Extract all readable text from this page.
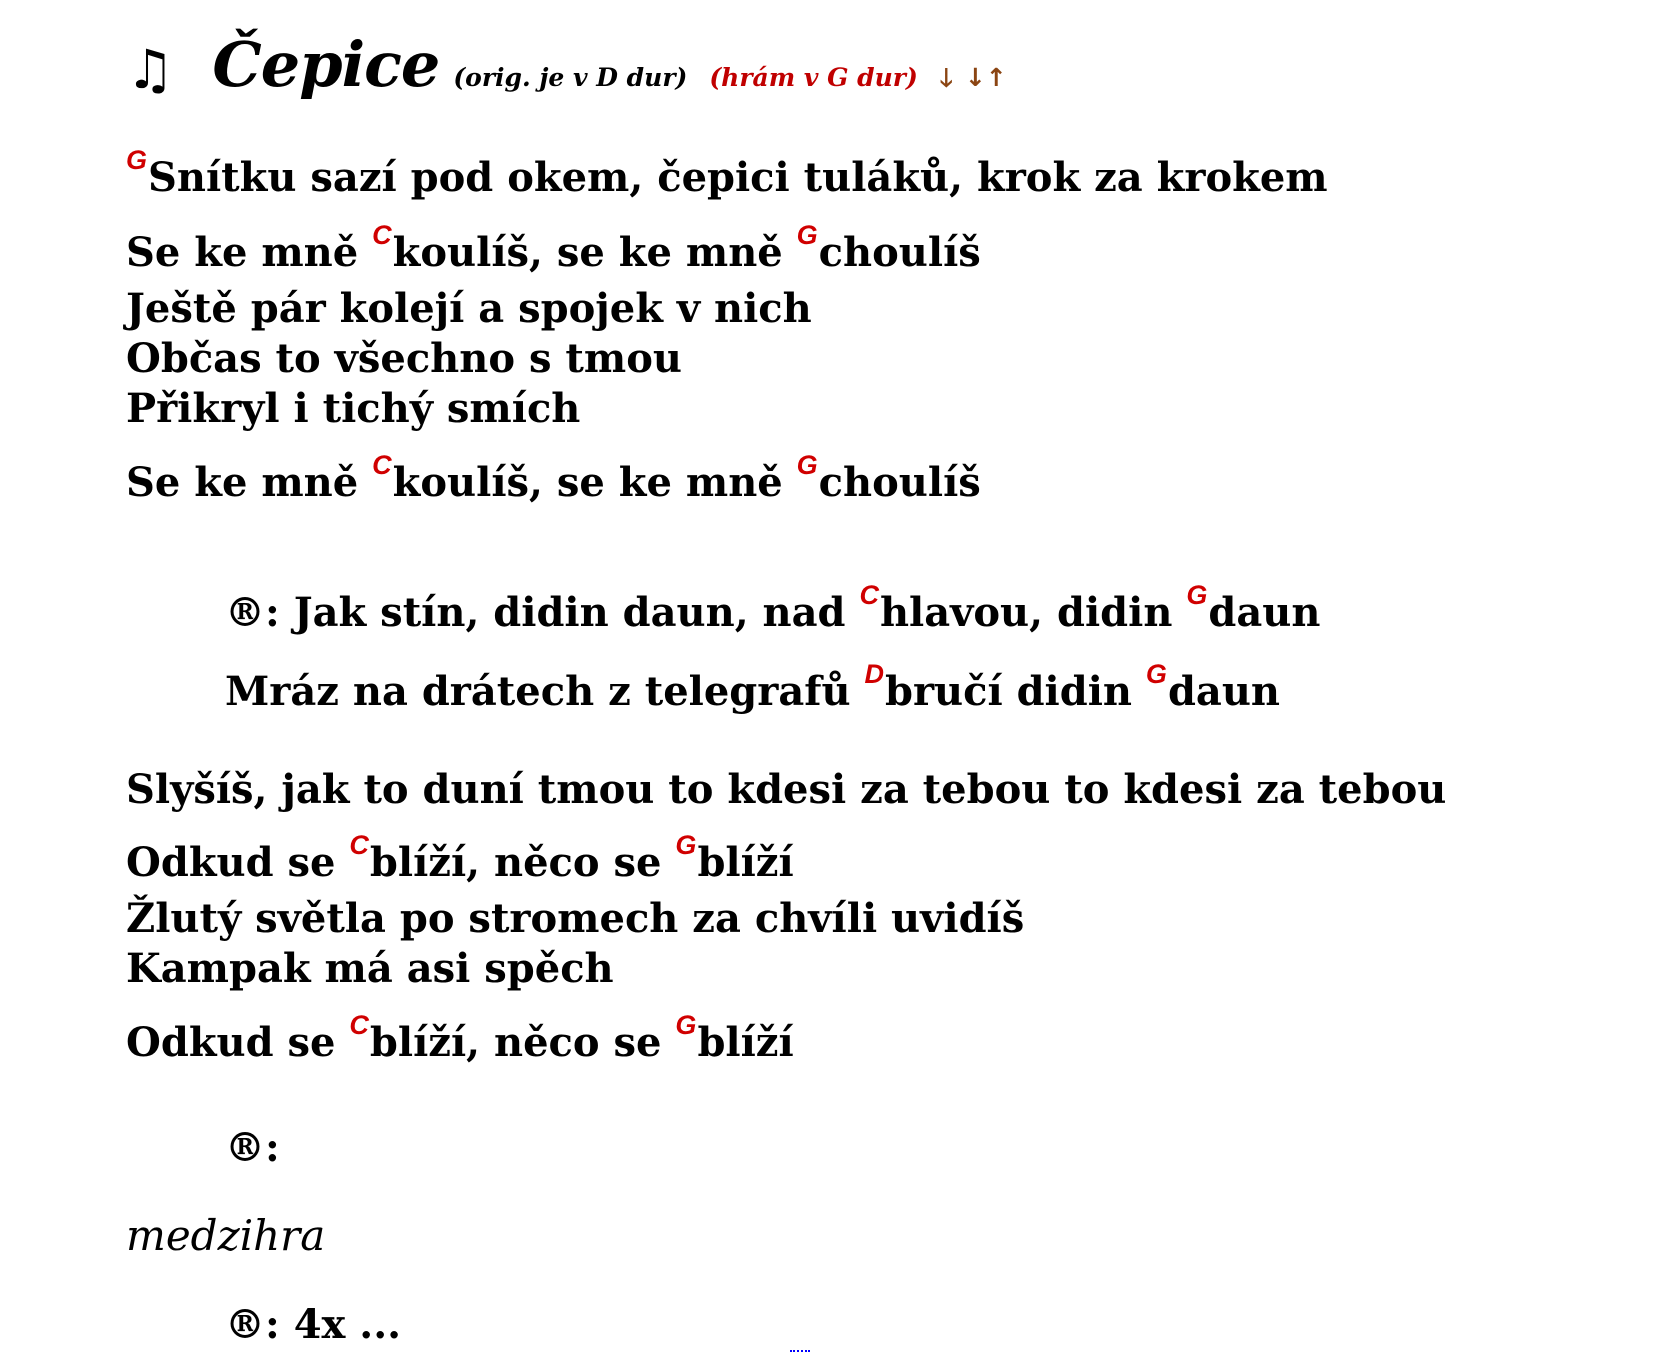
♫ Čepice (orig. je v D dur) (hrám v G dur) 🡓 ↓↑
$^G$Snítku sazí pod okem, čepici tuláků, krok za krokem
Se ke mně $^C$koulíš, se ke mně $^G$choulíš
Ještě pár kolejí a spojek v nich
Občas to všechno s tmou
Přikryl i tichý smích
Se ke mně $^C$koulíš, se ke mně $^G$choulíš
®: Jak stín, didin daun, nad $^C$hlavou, didin $^G$daun
Mráz na drátech z telegrafů $^D$bručí didin $^G$daun
Slyšíš, jak to duní tmou to kdesi za tebou to kdesi za tebou
Odkud se $^C$blíží, něco se $^G$blíží
Žlutý světla po stromech za chvíli uvidíš
Kampak má asi spěch
Odkud se $^C$blíží, něco se $^G$blíží
®:
medzihra
®: 4x ...
